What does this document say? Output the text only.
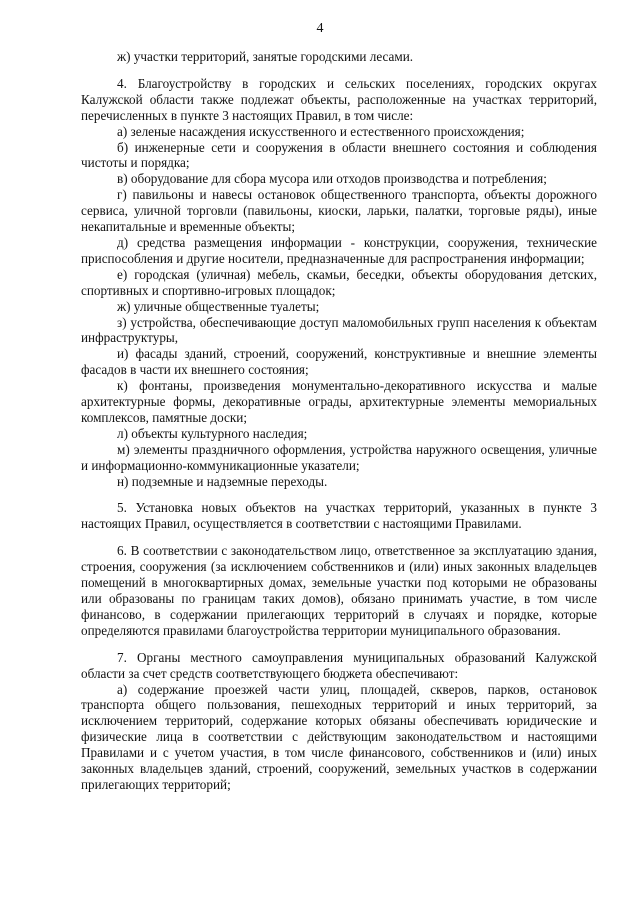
4

ж) участки территорий, занятые городскими лесами.

4. Благоустройству в городских и сельских поселениях, городских округах Калужской области также подлежат объекты, расположенные на участках территорий, перечисленных в пункте 3 настоящих Правил, в том числе:

а) зеленые насаждения искусственного и естественного происхождения;

б) инженерные сети и сооружения в области внешнего состояния и соблюдения чистоты и порядка;

в) оборудование для сбора мусора или отходов производства и потребления;

г) павильоны и навесы остановок общественного транспорта, объекты дорожного сервиса, уличной торговли (павильоны, киоски, ларьки, палатки, торговые ряды), иные некапитальные и временные объекты;

д) средства размещения информации - конструкции, сооружения, технические приспособления и другие носители, предназначенные для распространения информации;

е) городская (уличная) мебель, скамьи, беседки, объекты оборудования детских, спортивных и спортивно-игровых площадок;

ж) уличные общественные туалеты;

з) устройства, обеспечивающие доступ маломобильных групп населения к объектам инфраструктуры,

и) фасады зданий, строений, сооружений, конструктивные и внешние элементы фасадов в части их внешнего состояния;

к) фонтаны, произведения монументально-декоративного искусства и малые архитектурные формы, декоративные ограды, архитектурные элементы мемориальных комплексов, памятные доски;

л) объекты культурного наследия;

м) элементы праздничного оформления, устройства наружного освещения, уличные и информационно-коммуникационные указатели;

н) подземные и надземные переходы.

5. Установка новых объектов на участках территорий, указанных в пункте 3 настоящих Правил, осуществляется в соответствии с настоящими Правилами.

6. В соответствии с законодательством лицо, ответственное за эксплуатацию здания, строения, сооружения (за исключением собственников и (или) иных законных владельцев помещений в многоквартирных домах, земельные участки под которыми не образованы или образованы по границам таких домов), обязано принимать участие, в том числе финансово, в содержании прилегающих территорий в случаях и порядке, которые определяются правилами благоустройства территории муниципального образования.

7. Органы местного самоуправления муниципальных образований Калужской области за счет средств соответствующего бюджета обеспечивают:

а) содержание проезжей части улиц, площадей, скверов, парков, остановок транспорта общего пользования, пешеходных территорий и иных территорий, за исключением территорий, содержание которых обязаны обеспечивать юридические и физические лица в соответствии с действующим законодательством и настоящими Правилами и с учетом участия, в том числе финансового, собственников и (или) иных законных владельцев зданий, строений, сооружений, земельных участков в содержании прилегающих территорий;
